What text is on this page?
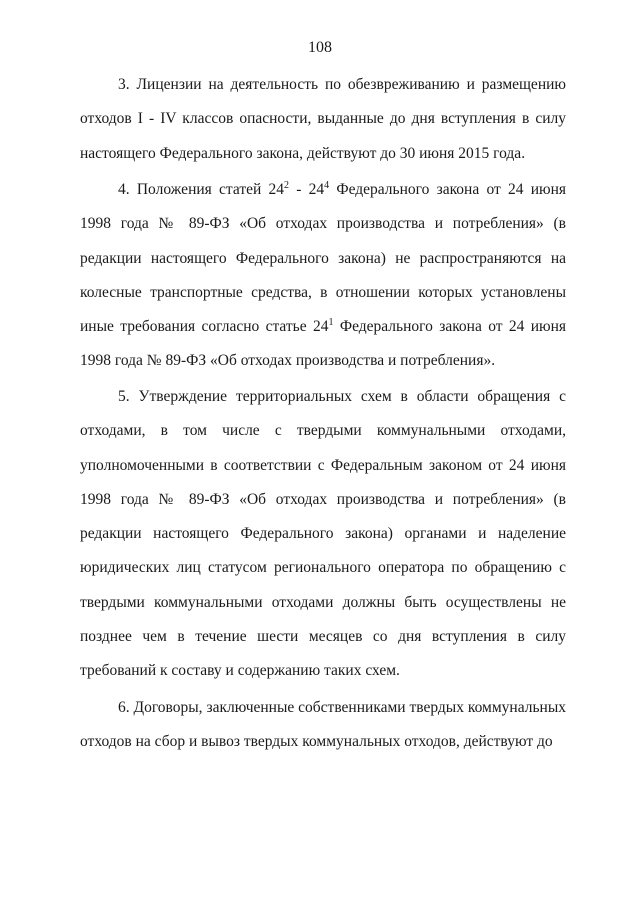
108

3. Лицензии на деятельность по обезвреживанию и размещению отходов I - IV классов опасности, выданные до дня вступления в силу настоящего Федерального закона, действуют до 30 июня 2015 года.

4. Положения статей $24^2 - 24^4$ Федерального закона от 24 июня 1998 года № 89-ФЗ «Об отходах производства и потребления» (в редакции настоящего Федерального закона) не распространяются на колесные транспортные средства, в отношении которых установлены иные требования согласно статье $24^1$ Федерального закона от 24 июня 1998 года № 89-ФЗ «Об отходах производства и потребления».

5. Утверждение территориальных схем в области обращения с отходами, в том числе с твердыми коммунальными отходами, уполномоченными в соответствии с Федеральным законом от 24 июня 1998 года № 89-ФЗ «Об отходах производства и потребления» (в редакции настоящего Федерального закона) органами и наделение юридических лиц статусом регионального оператора по обращению с твердыми коммунальными отходами должны быть осуществлены не позднее чем в течение шести месяцев со дня вступления в силу требований к составу и содержанию таких схем.

6. Договоры, заключенные собственниками твердых коммунальных отходов на сбор и вывоз твердых коммунальных отходов, действуют до
